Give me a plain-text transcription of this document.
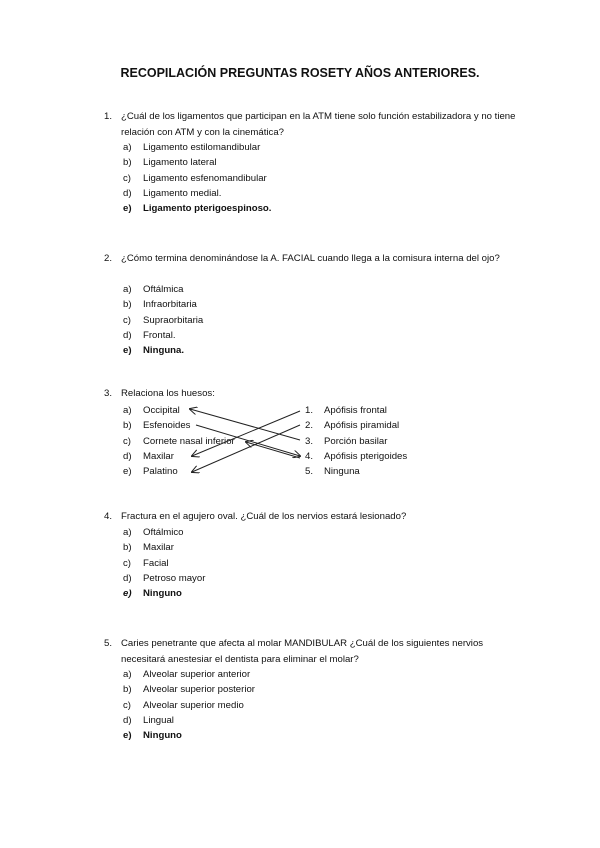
RECOPILACIÓN PREGUNTAS ROSETY AÑOS ANTERIORES.
1. ¿Cuál de los ligamentos que participan en la ATM tiene solo función estabilizadora y no tiene relación con ATM y con la cinemática?
a) Ligamento estilomandibular
b) Ligamento lateral
c) Ligamento esfenomandibular
d) Ligamento medial.
e) Ligamento pterigoespinoso.
2. ¿Cómo termina denominándose la A. FACIAL cuando llega a la comisura interna del ojo?
a) Oftálmica
b) Infraorbitaria
c) Supraorbitaria
d) Frontal.
e) Ninguna.
3. Relaciona los huesos:
a) Occipital
b) Esfenoides
c) Cornete nasal inferior
d) Maxilar
e) Palatino
1. Apófisis frontal
2. Apófisis piramidal
3. Porción basilar
4. Apófisis pterigoides
5. Ninguna
4. Fractura en el agujero oval. ¿Cuál de los nervios estará lesionado?
a) Oftálmico
b) Maxilar
c) Facial
d) Petroso mayor
e) Ninguno
5. Caries penetrante que afecta al molar MANDIBULAR ¿Cuál de los siguientes nervios necesitará anestesiar el dentista para eliminar el molar?
a) Alveolar superior anterior
b) Alveolar superior posterior
c) Alveolar superior medio
d) Lingual
e) Ninguno
